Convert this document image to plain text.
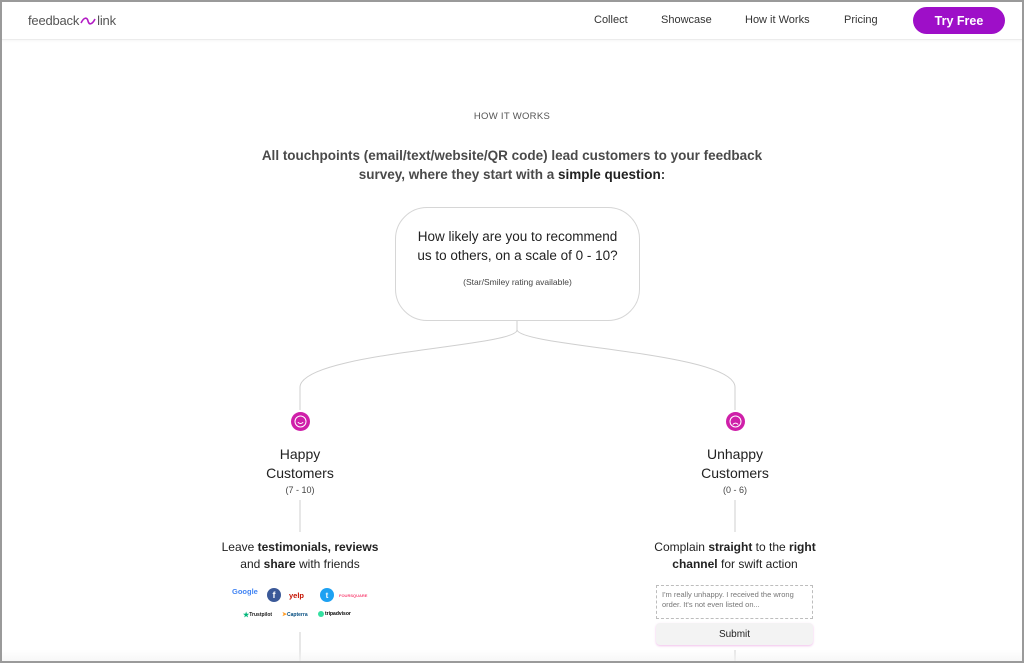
feedback link	Collect	Showcase	How it Works	Pricing	Try Free
HOW IT WORKS
All touchpoints (email/text/website/QR code) lead customers to your feedback survey, where they start with a simple question:
How likely are you to recommend us to others, on a scale of 0 - 10?
(Star/Smiley rating available)
Happy
Customers
(7 - 10)
Leave testimonials, reviews
and share with friends
Google	f	yelp	t	FOURSQUARE
★ Trustpilot ➤ Capterra	tripadvisor
Unhappy
Customers
(0 - 6)
Complain straight to the right
channel for swift action
I'm really unhappy. I received the wrong order. It's not even listed on...
Submit
